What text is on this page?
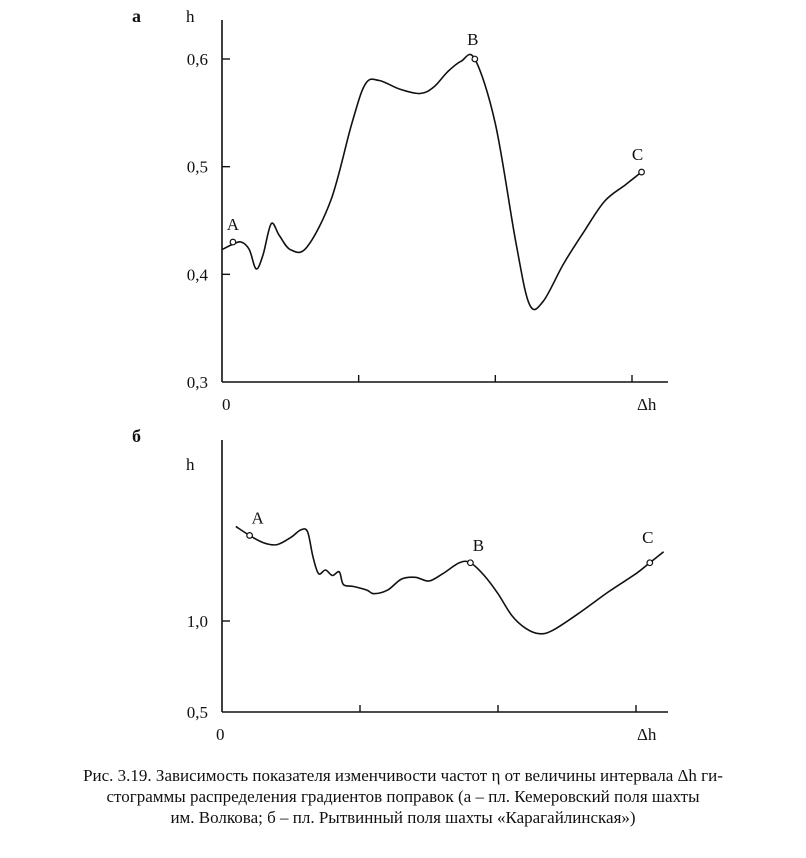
0,3
0,4
0,5
0,6
а	h
0	Δh
A
B
C
0,5
1,0
б
h
0	Δh
A
B	C
Рис. 3.19. Зависимость показателя изменчивости частот η от величины интервала Δh ги-
стограммы распределения градиентов поправок (а – пл. Кемеровский поля шахты
им. Волкова; б – пл. Рытвинный поля шахты «Карагайлинская»)
